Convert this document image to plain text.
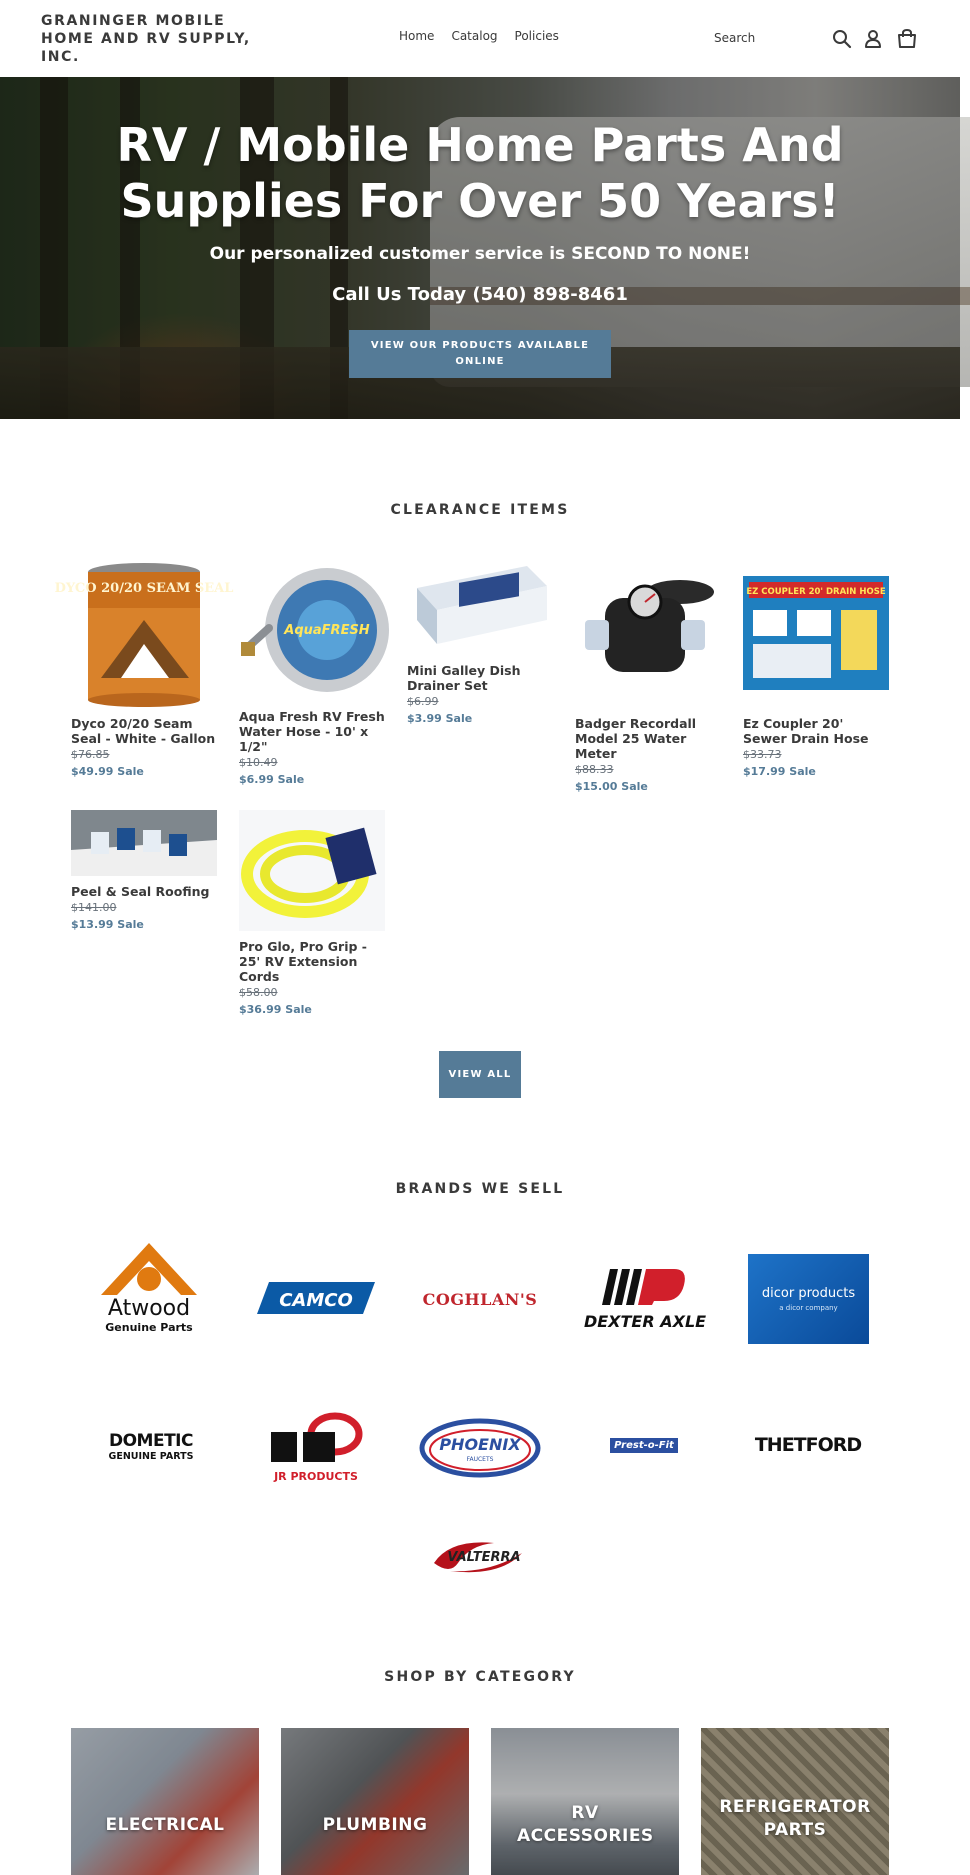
GRANINGER MOBILE HOME AND RV SUPPLY, INC.
Home Catalog Policies
Search
RV / Mobile Home Parts And Supplies For Over 50 Years!
Our personalized customer service is SECOND TO NONE!
Call Us Today (540) 898-8461
VIEW OUR PRODUCTS AVAILABLE ONLINE
CLEARANCE ITEMS
DYCO 20/20 SEAM SEAL
Dyco 20/20 Seam Seal - White - Gallon
$76.85
$49.99 Sale
AquaFRESH
Aqua Fresh RV Fresh Water Hose - 10' x 1/2"
$10.49
$6.99 Sale
Mini Galley Dish Drainer Set
$6.99
$3.99 Sale	Badger Recordall Model 25 Water Meter
$88.33
$15.00 Sale
EZ COUPLER 20' DRAIN HOSE
Ez Coupler 20' Sewer Drain Hose
$33.73
$17.99 Sale
Peel & Seal Roofing
$141.00
$13.99 Sale
Pro Glo, Pro Grip - 25' RV Extension Cords
$58.00
$36.99 Sale
VIEW ALL
BRANDS WE SELL
Atwood
Genuine Parts
CAMCO	COGHLAN'S
DEXTER AXLE
dicor products
a dicor company
DOMETIC
GENUINE PARTS
JR PRODUCTS
PHOENIX
FAUCETS
Prest-o-Fit	THETFORD
VALTERRA
SHOP BY CATEGORY
ELECTRICAL	PLUMBING
RV ACCESSORIES
REFRIGERATOR PARTS
